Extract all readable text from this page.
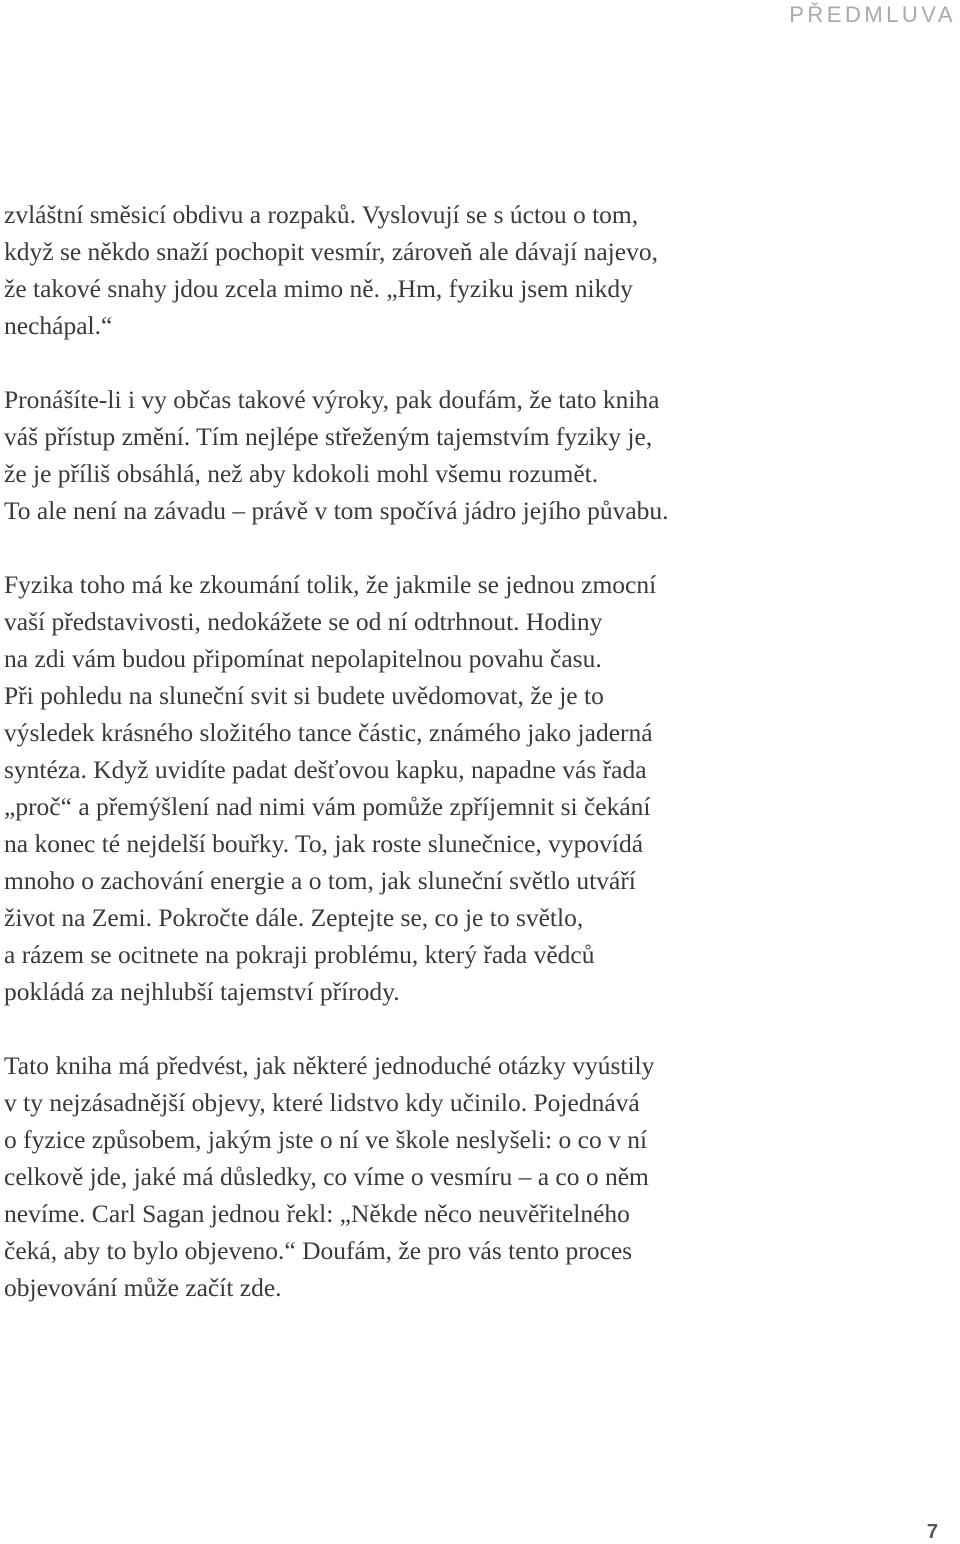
PŘEDMLUVA

zvláštní směsicí obdivu a rozpaků. Vyslovují se s úctou o tom,
když se někdo snaží pochopit vesmír, zároveň ale dávají najevo,
že takové snahy jdou zcela mimo ně. „Hm, fyziku jsem nikdy
nechápal.“

Pronášíte-li i vy občas takové výroky, pak doufám, že tato kniha
váš přístup změní. Tím nejlépe střeženým tajemstvím fyziky je,
že je příliš obsáhlá, než aby kdokoli mohl všemu rozumět.
To ale není na závadu – právě v tom spočívá jádro jejího půvabu.

Fyzika toho má ke zkoumání tolik, že jakmile se jednou zmocní
vaší představivosti, nedokážete se od ní odtrhnout. Hodiny
na zdi vám budou připomínat nepolapitelnou povahu času.
Při pohledu na sluneční svit si budete uvědomovat, že je to
výsledek krásného složitého tance částic, známého jako jaderná
syntéza. Když uvidíte padat dešťovou kapku, napadne vás řada
„proč“ a přemýšlení nad nimi vám pomůže zpříjemnit si čekání
na konec té nejdelší bouřky. To, jak roste slunečnice, vypovídá
mnoho o zachování energie a o tom, jak sluneční světlo utváří
život na Zemi. Pokročte dále. Zeptejte se, co je to světlo,
a rázem se ocitnete na pokraji problému, který řada vědců
pokládá za nejhlubší tajemství přírody.

Tato kniha má předvést, jak některé jednoduché otázky vyústily
v ty nejzásadnější objevy, které lidstvo kdy učinilo. Pojednává
o fyzice způsobem, jakým jste o ní ve škole neslyšeli: o co v ní
celkově jde, jaké má důsledky, co víme o vesmíru – a co o něm
nevíme. Carl Sagan jednou řekl: „Někde něco neuvěřitelného
čeká, aby to bylo objeveno.“ Doufám, že pro vás tento proces
objevování může začít zde.

7
